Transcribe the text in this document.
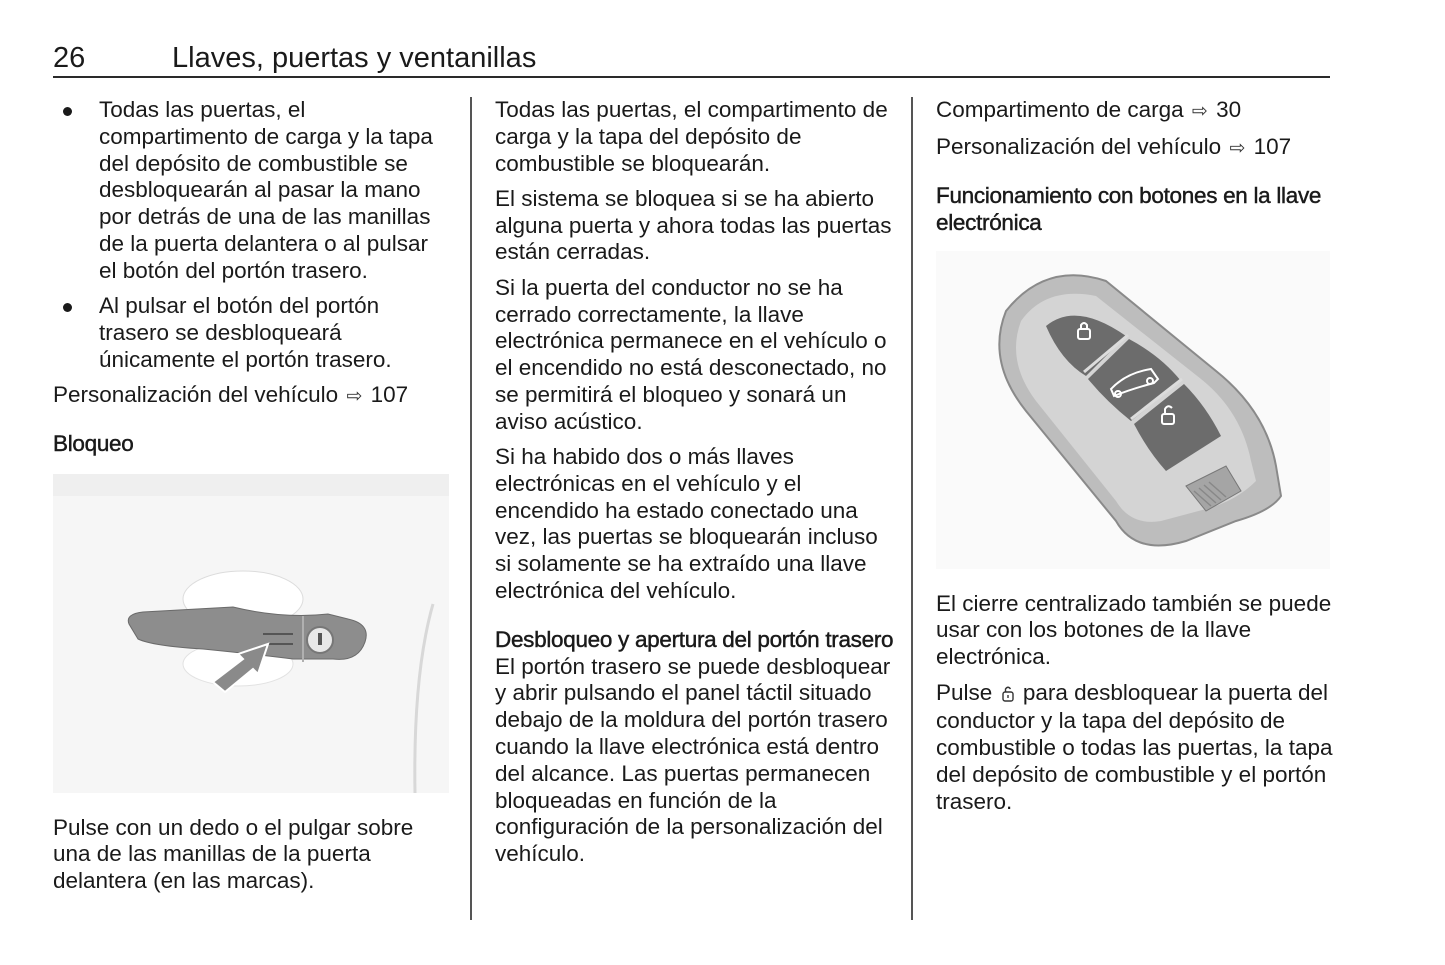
26	Llaves, puertas y ventanillas
Todas las puertas, el compartimento de carga y la tapa del depósito de combustible se desbloquearán al pasar la mano por detrás de una de las manillas de la puerta delantera o al pulsar el botón del portón trasero.
Al pulsar el botón del portón trasero se desbloqueará únicamente el portón trasero.

Personalización del vehículo ⇨ 107

Bloqueo

Pulse con un dedo o el pulgar sobre una de las manillas de la puerta delantera (en las marcas).

Todas las puertas, el compartimento de carga y la tapa del depósito de combustible se bloquearán.

El sistema se bloquea si se ha abierto alguna puerta y ahora todas las puertas están cerradas.

Si la puerta del conductor no se ha cerrado correctamente, la llave electrónica permanece en el vehículo o el encendido no está desconectado, no se permitirá el bloqueo y sonará un aviso acústico.

Si ha habido dos o más llaves electrónicas en el vehículo y el encendido ha estado conectado una vez, las puertas se bloquearán incluso si solamente se ha extraído una llave electrónica del vehículo.

Desbloqueo y apertura del portón trasero

El portón trasero se puede desbloquear y abrir pulsando el panel táctil situado debajo de la moldura del portón trasero cuando la llave electrónica está dentro del alcance. Las puertas permanecen bloqueadas en función de la configuración de la personalización del vehículo.

Compartimento de carga ⇨ 30

Personalización del vehículo ⇨ 107

Funcionamiento con botones en la llave electrónica

El cierre centralizado también se puede usar con los botones de la llave electrónica.

Pulse para desbloquear la puerta del conductor y la tapa del depósito de combustible o todas las puertas, la tapa del depósito de combustible y el portón trasero.
